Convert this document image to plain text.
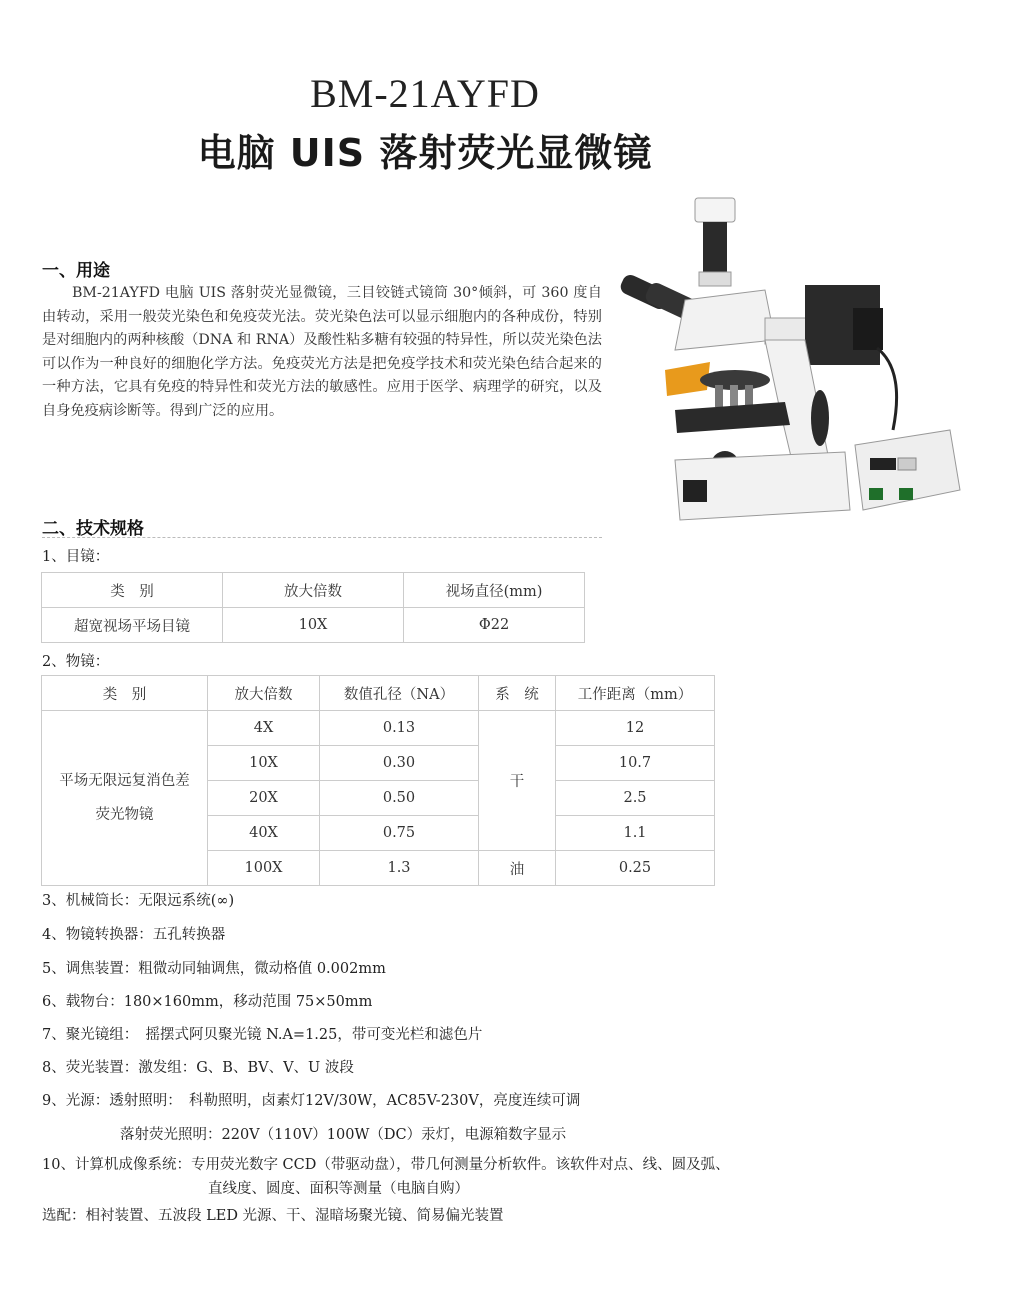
BM-21AYFD
电脑 UIS 落射荧光显微镜
一、用途
BM-21AYFD 电脑 UIS 落射荧光显微镜，三目铰链式镜筒 30°倾斜，可 360 度自由转动，采用一般荧光染色和免疫荧光法。荧光染色法可以显示细胞内的各种成份，特别是对细胞内的两种核酸（DNA 和 RNA）及酸性粘多糖有较强的特异性，所以荧光染色法可以作为一种良好的细胞化学方法。免疫荧光方法是把免疫学技术和荧光染色结合起来的一种方法，它具有免疫的特异性和荧光方法的敏感性。应用于医学、病理学的研究，以及自身免疫病诊断等。得到广泛的应用。
二、技术规格
1、目镜：
类　别	放大倍数	视场直径(mm)
超宽视场平场目镜	10X	Φ22
2、物镜：
类　别	放大倍数	数值孔径（NA）	系　统	工作距离（mm）

平场无限远复消色差
荧光物镜	4X	0.13	干	12
	10X	0.30		10.7
	20X	0.50		2.5
	40X	0.75		1.1
	100X	1.3	油	0.25
3、机械筒长：无限远系统(∞)
4、物镜转换器：五孔转换器
5、调焦装置：粗微动同轴调焦，微动格值 0.002mm
6、载物台：180×160mm，移动范围 75×50mm
7、聚光镜组：　摇摆式阿贝聚光镜 N.A=1.25，带可变光栏和滤色片
8、荧光装置：激发组：G、B、BV、V、U 波段
9、光源：透射照明：　科勒照明，卤素灯12V/30W，AC85V-230V，亮度连续可调
落射荧光照明：220V（110V）100W（DC）汞灯，电源箱数字显示
10、计算机成像系统：专用荧光数字 CCD（带驱动盘），带几何测量分析软件。该软件对点、线、圆及弧、
直线度、圆度、面积等测量（电脑自购）
选配：相衬装置、五波段 LED 光源、干、湿暗场聚光镜、简易偏光装置
